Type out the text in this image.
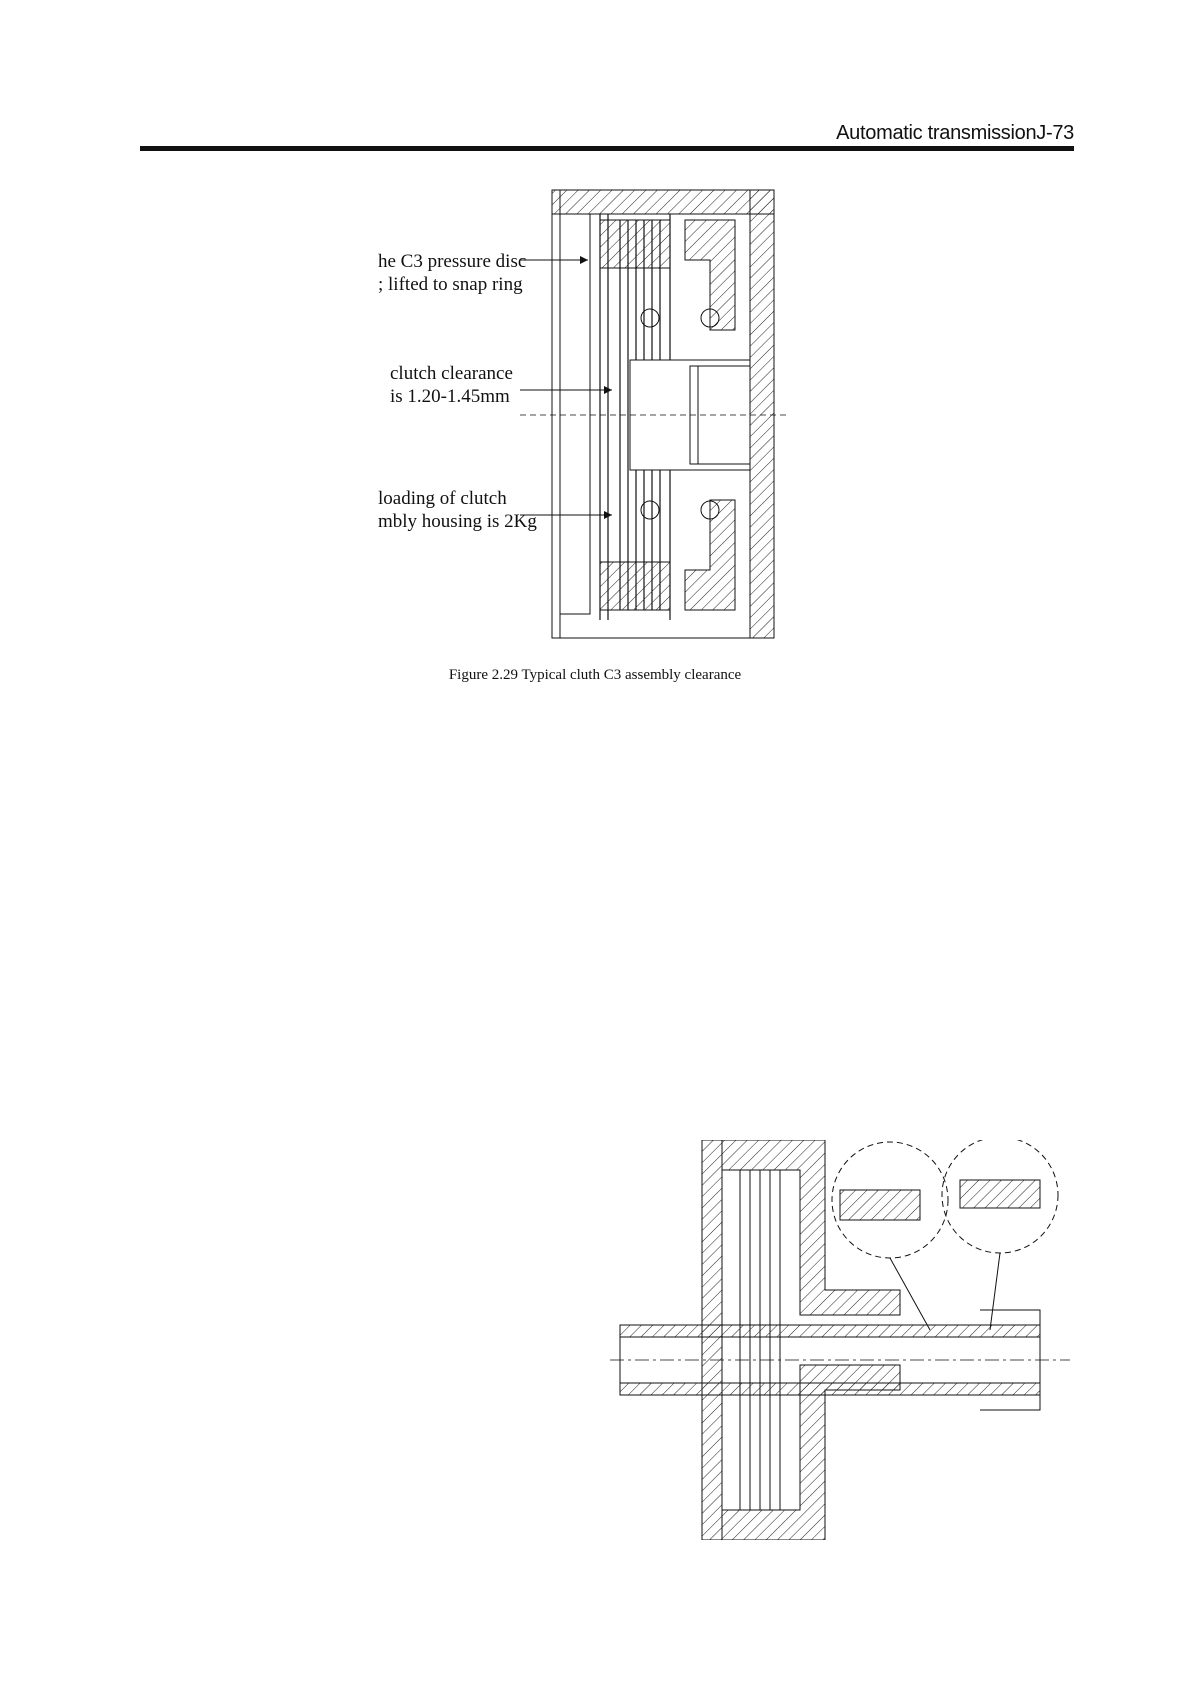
Automatic transmissionJ-73
he C3 pressure disc
; lifted to snap ring
clutch clearance
is 1.20-1.45mm
loading of clutch
mbly housing is 2Kg
Figure 2.29 Typical cluth C3 assembly clearance
